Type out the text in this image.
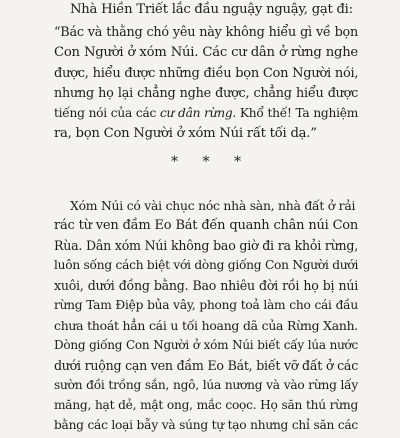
Nhà Hiền Triết lắc đầu nguậy nguậy, gạt đi:
“Bác và thằng chó yêu này không hiểu gì về bọn
Con Người ở xóm Núi. Các cư dân ở rừng nghe
được, hiểu được những điều bọn Con Người nói,
nhưng họ lại chẳng nghe được, chẳng hiểu được
tiếng nói của các cư dân rừng. Khổ thế! Ta nghiệm
ra, bọn Con Người ở xóm Núi rất tối dạ.”
* * *
Xóm Núi có vài chục nóc nhà sàn, nhà đất ở rải
rác từ ven đầm Eo Bát đến quanh chân núi Con
Rùa. Dân xóm Núi không bao giờ đi ra khỏi rừng,
luôn sống cách biệt với dòng giống Con Người dưới
xuôi, dưới đồng bằng. Bao nhiêu đời rồi họ bị núi
rừng Tam Điệp bủa vây, phong toả làm cho cái đầu
chưa thoát hẳn cái u tối hoang dã của Rừng Xanh.
Dòng giống Con Người ở xóm Núi biết cấy lúa nước
dưới ruộng cạn ven đầm Eo Bát, biết vỡ đất ở các
sườn đồi trồng sắn, ngô, lúa nương và vào rừng lấy
măng, hạt dẻ, mật ong, mắc coọc. Họ săn thú rừng
bằng các loại bẫy và súng tự tạo nhưng chỉ săn các
